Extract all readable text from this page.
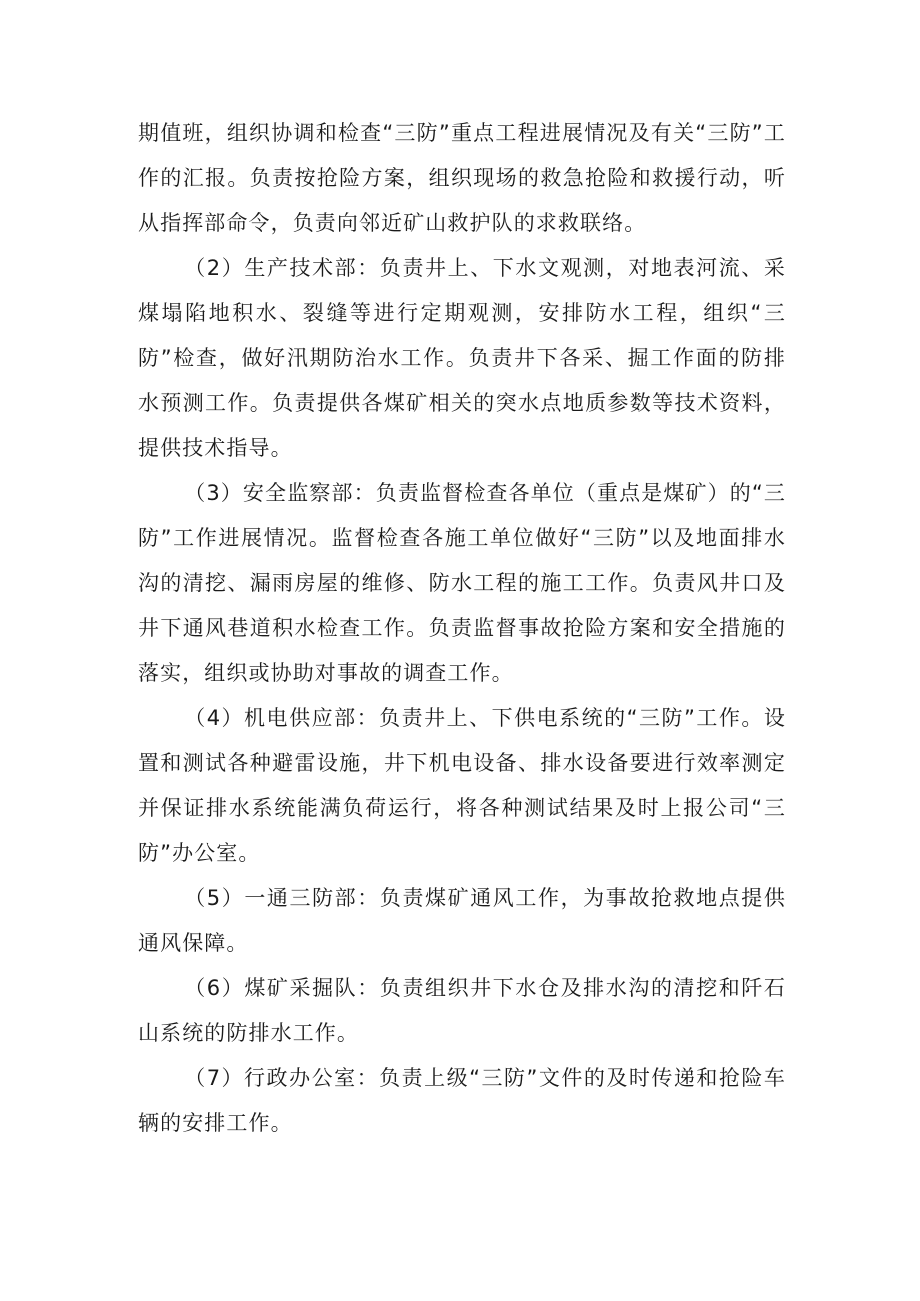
期值班，组织协调和检查“三防”重点工程进展情况及有关“三防”工作的汇报。负责按抢险方案，组织现场的救急抢险和救援行动，听从指挥部命令，负责向邻近矿山救护队的求救联络。

（2）生产技术部：负责井上、下水文观测，对地表河流、采煤塌陷地积水、裂缝等进行定期观测，安排防水工程，组织“三防”检查，做好汛期防治水工作。负责井下各采、掘工作面的防排水预测工作。负责提供各煤矿相关的突水点地质参数等技术资料，提供技术指导。

（3）安全监察部：负责监督检查各单位（重点是煤矿）的“三防”工作进展情况。监督检查各施工单位做好“三防”以及地面排水沟的清挖、漏雨房屋的维修、防水工程的施工工作。负责风井口及井下通风巷道积水检查工作。负责监督事故抢险方案和安全措施的落实，组织或协助对事故的调查工作。

（4）机电供应部：负责井上、下供电系统的“三防”工作。设置和测试各种避雷设施，井下机电设备、排水设备要进行效率测定并保证排水系统能满负荷运行，将各种测试结果及时上报公司“三防”办公室。

（5）一通三防部：负责煤矿通风工作，为事故抢救地点提供通风保障。

（6）煤矿采掘队：负责组织井下水仓及排水沟的清挖和阡石山系统的防排水工作。

（7）行政办公室：负责上级“三防”文件的及时传递和抢险车辆的安排工作。
